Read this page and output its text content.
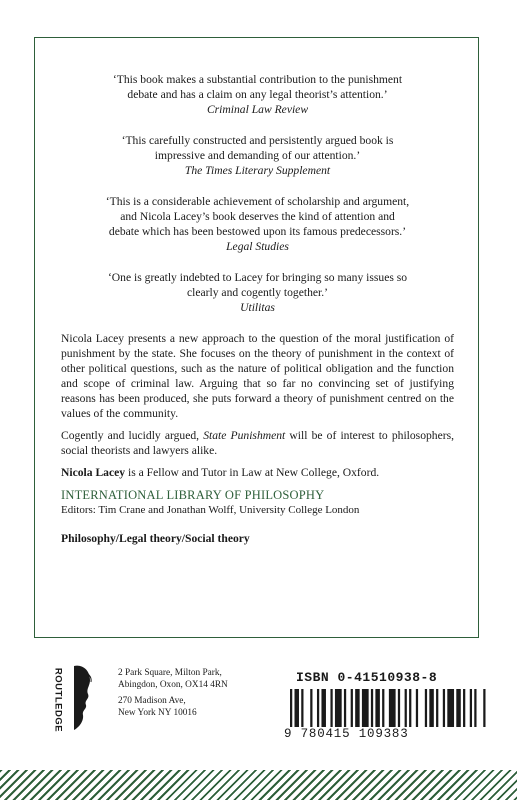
‘This book makes a substantial contribution to the punishment
debate and has a claim on any legal theorist’s attention.’
Criminal Law Review
‘This carefully constructed and persistently argued book is
impressive and demanding of our attention.’
The Times Literary Supplement
‘This is a considerable achievement of scholarship and argument,
and Nicola Lacey’s book deserves the kind of attention and
debate which has been bestowed upon its famous predecessors.’
Legal Studies
‘One is greatly indebted to Lacey for bringing so many issues so
clearly and cogently together.’
Utilitas

Nicola Lacey presents a new approach to the question of the moral justification of punishment by the state. She focuses on the theory of punishment in the context of other political questions, such as the nature of political obligation and the function and scope of criminal law. Arguing that so far no convincing set of justifying reasons has been produced, she puts forward a theory of punishment centred on the values of the community.

Cogently and lucidly argued, State Punishment will be of interest to philosophers, social theorists and lawyers alike.

Nicola Lacey is a Fellow and Tutor in Law at New College, Oxford.

INTERNATIONAL LIBRARY OF PHILOSOPHY
Editors: Tim Crane and Jonathan Wolff, University College London
Philosophy/Legal theory/Social theory
ROUTLEDGE	2 Park Square, Milton Park,
Abingdon, Oxon, OX14 4RN
270 Madison Ave,
New York NY 10016
ISBN 0-41510938-8
9 780415 109383
